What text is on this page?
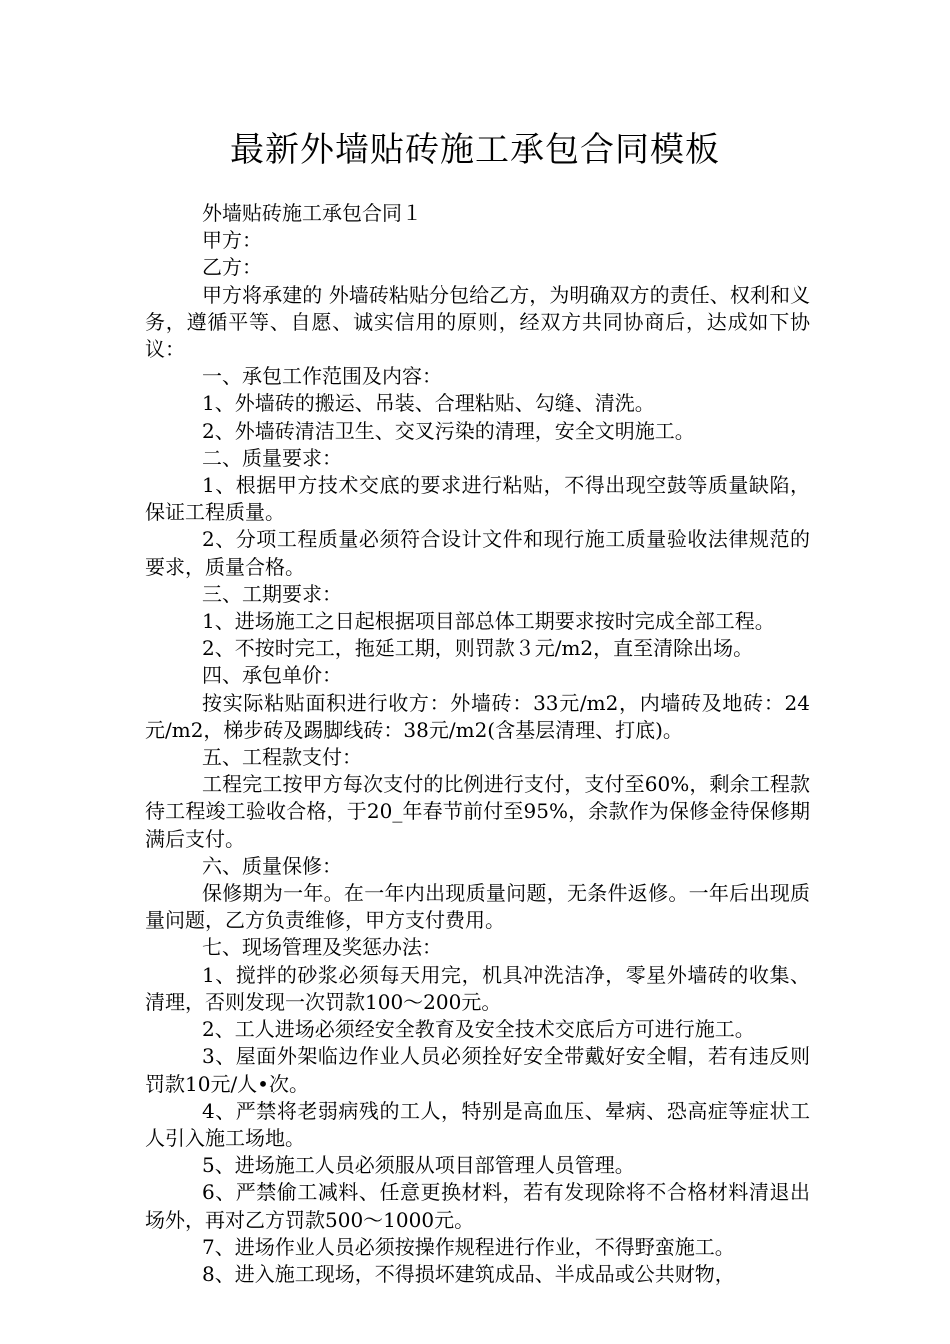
最新外墙贴砖施工承包合同模板

外墙贴砖施工承包合同１

甲方：

乙方：

甲方将承建的 外墙砖粘贴分包给乙方，为明确双方的责任、权利和义务，遵循平等、自愿、诚实信用的原则，经双方共同协商后，达成如下协议：

一、承包工作范围及内容：

1、外墙砖的搬运、吊装、合理粘贴、勾缝、清洗。

2、外墙砖清洁卫生、交叉污染的清理，安全文明施工。

二、质量要求：

1、根据甲方技术交底的要求进行粘贴，不得出现空鼓等质量缺陷，保证工程质量。

2、分项工程质量必须符合设计文件和现行施工质量验收法律规范的要求，质量合格。

三、工期要求：

1、进场施工之日起根据项目部总体工期要求按时完成全部工程。

2、不按时完工，拖延工期，则罚款３元/m2，直至清除出场。

四、承包单价：

按实际粘贴面积进行收方：外墙砖：33元/m2，内墙砖及地砖：24元/m2，梯步砖及踢脚线砖：38元/m2(含基层清理、打底)。

五、工程款支付：

工程完工按甲方每次支付的比例进行支付，支付至60%，剩余工程款待工程竣工验收合格，于20_年春节前付至95%，余款作为保修金待保修期满后支付。

六、质量保修：

保修期为一年。在一年内出现质量问题，无条件返修。一年后出现质量问题，乙方负责维修，甲方支付费用。

七、现场管理及奖惩办法：

1、搅拌的砂浆必须每天用完，机具冲洗洁净，零星外墙砖的收集、清理，否则发现一次罚款100～200元。

2、工人进场必须经安全教育及安全技术交底后方可进行施工。

3、屋面外架临边作业人员必须拴好安全带戴好安全帽，若有违反则罚款10元/人•次。

4、严禁将老弱病残的工人，特别是高血压、晕病、恐高症等症状工人引入施工场地。

5、进场施工人员必须服从项目部管理人员管理。

6、严禁偷工减料、任意更换材料，若有发现除将不合格材料清退出场外，再对乙方罚款500～1000元。

7、进场作业人员必须按操作规程进行作业，不得野蛮施工。

8、进入施工现场，不得损坏建筑成品、半成品或公共财物，
